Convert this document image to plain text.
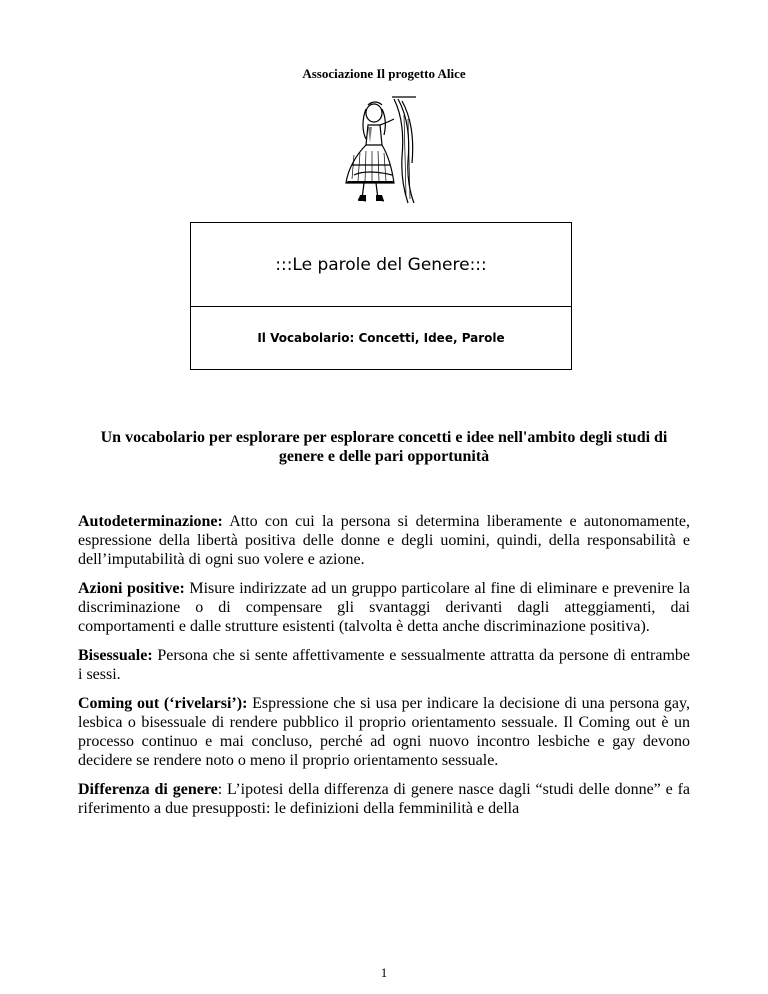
Associazione Il progetto Alice
:::Le parole del Genere:::
Il Vocabolario: Concetti, Idee, Parole
Un vocabolario per esplorare per esplorare concetti e idee nell'ambito degli studi di genere e delle pari opportunità

Autodeterminazione: Atto con cui la persona si determina liberamente e autonomamente, espressione della libertà positiva delle donne e degli uomini, quindi, della responsabilità e dell’imputabilità di ogni suo volere e azione.

Azioni positive: Misure indirizzate ad un gruppo particolare al fine di eliminare e prevenire la discriminazione o di compensare gli svantaggi derivanti dagli atteggiamenti, dai comportamenti e dalle strutture esistenti (talvolta è detta anche discriminazione positiva).

Bisessuale: Persona che si sente affettivamente e sessualmente attratta da persone di entrambe i sessi.

Coming out (‘rivelarsi’): Espressione che si usa per indicare la decisione di una persona gay, lesbica o bisessuale di rendere pubblico il proprio orientamento sessuale. Il Coming out è un processo continuo e mai concluso, perché ad ogni nuovo incontro lesbiche e gay devono decidere se rendere noto o meno il proprio orientamento sessuale.

Differenza di genere: L’ipotesi della differenza di genere nasce dagli “studi delle donne” e fa riferimento a due presupposti: le definizioni della femminilità e della

1
